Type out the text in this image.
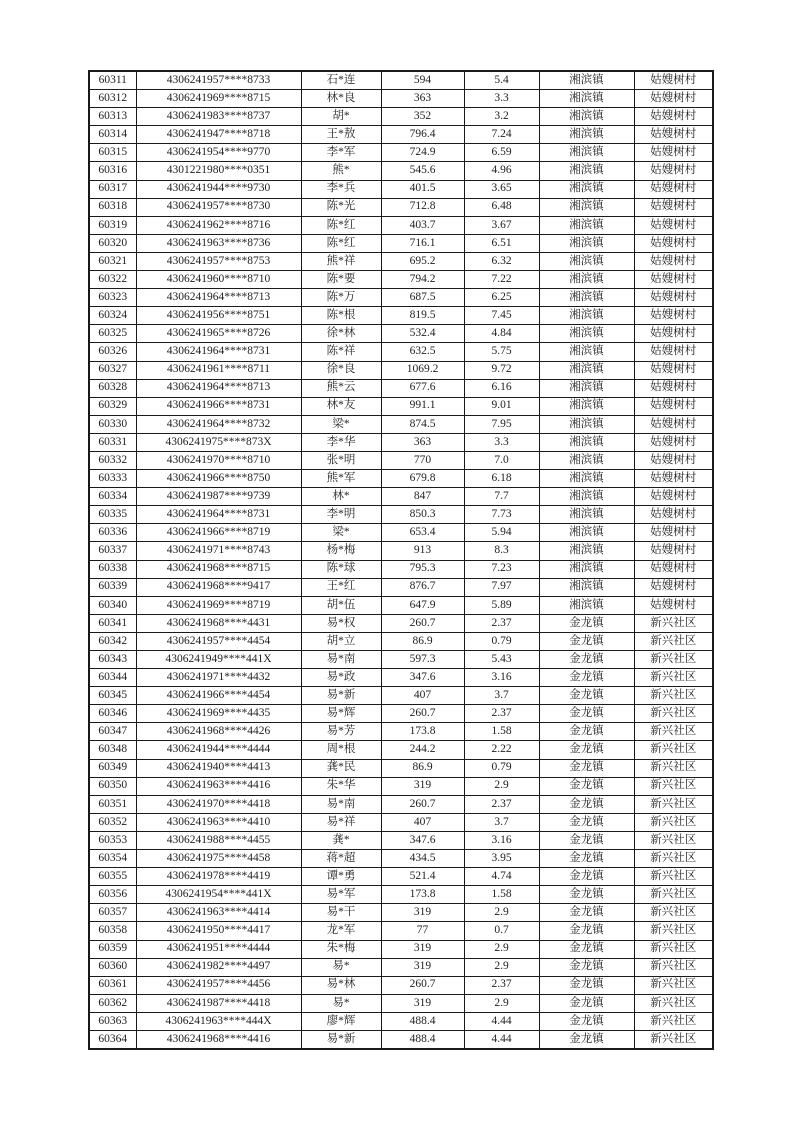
60311	4306241957****8733	石*连	594	5.4	湘滨镇	姑嫂树村
60312	4306241969****8715	林*良	363	3.3	湘滨镇	姑嫂树村
60313	4306241983****8737	胡*	352	3.2	湘滨镇	姑嫂树村
60314	4306241947****8718	王*敖	796.4	7.24	湘滨镇	姑嫂树村
60315	4306241954****9770	李*军	724.9	6.59	湘滨镇	姑嫂树村
60316	4301221980****0351	熊*	545.6	4.96	湘滨镇	姑嫂树村
60317	4306241944****9730	李*兵	401.5	3.65	湘滨镇	姑嫂树村
60318	4306241957****8730	陈*光	712.8	6.48	湘滨镇	姑嫂树村
60319	4306241962****8716	陈*红	403.7	3.67	湘滨镇	姑嫂树村
60320	4306241963****8736	陈*红	716.1	6.51	湘滨镇	姑嫂树村
60321	4306241957****8753	熊*祥	695.2	6.32	湘滨镇	姑嫂树村
60322	4306241960****8710	陈*要	794.2	7.22	湘滨镇	姑嫂树村
60323	4306241964****8713	陈*万	687.5	6.25	湘滨镇	姑嫂树村
60324	4306241956****8751	陈*根	819.5	7.45	湘滨镇	姑嫂树村
60325	4306241965****8726	徐*林	532.4	4.84	湘滨镇	姑嫂树村
60326	4306241964****8731	陈*祥	632.5	5.75	湘滨镇	姑嫂树村
60327	4306241961****8711	徐*良	1069.2	9.72	湘滨镇	姑嫂树村
60328	4306241964****8713	熊*云	677.6	6.16	湘滨镇	姑嫂树村
60329	4306241966****8731	林*友	991.1	9.01	湘滨镇	姑嫂树村
60330	4306241964****8732	梁*	874.5	7.95	湘滨镇	姑嫂树村
60331	4306241975****873X	李*华	363	3.3	湘滨镇	姑嫂树村
60332	4306241970****8710	张*明	770	7.0	湘滨镇	姑嫂树村
60333	4306241966****8750	熊*军	679.8	6.18	湘滨镇	姑嫂树村
60334	4306241987****9739	林*	847	7.7	湘滨镇	姑嫂树村
60335	4306241964****8731	李*明	850.3	7.73	湘滨镇	姑嫂树村
60336	4306241966****8719	梁*	653.4	5.94	湘滨镇	姑嫂树村
60337	4306241971****8743	杨*梅	913	8.3	湘滨镇	姑嫂树村
60338	4306241968****8715	陈*球	795.3	7.23	湘滨镇	姑嫂树村
60339	4306241968****9417	王*红	876.7	7.97	湘滨镇	姑嫂树村
60340	4306241969****8719	胡*伍	647.9	5.89	湘滨镇	姑嫂树村
60341	4306241968****4431	易*权	260.7	2.37	金龙镇	新兴社区
60342	4306241957****4454	胡*立	86.9	0.79	金龙镇	新兴社区
60343	4306241949****441X	易*南	597.3	5.43	金龙镇	新兴社区
60344	4306241971****4432	易*政	347.6	3.16	金龙镇	新兴社区
60345	4306241966****4454	易*新	407	3.7	金龙镇	新兴社区
60346	4306241969****4435	易*辉	260.7	2.37	金龙镇	新兴社区
60347	4306241968****4426	易*芳	173.8	1.58	金龙镇	新兴社区
60348	4306241944****4444	周*根	244.2	2.22	金龙镇	新兴社区
60349	4306241940****4413	龚*民	86.9	0.79	金龙镇	新兴社区
60350	4306241963****4416	朱*华	319	2.9	金龙镇	新兴社区
60351	4306241970****4418	易*南	260.7	2.37	金龙镇	新兴社区
60352	4306241963****4410	易*祥	407	3.7	金龙镇	新兴社区
60353	4306241988****4455	龚*	347.6	3.16	金龙镇	新兴社区
60354	4306241975****4458	蒋*超	434.5	3.95	金龙镇	新兴社区
60355	4306241978****4419	谭*勇	521.4	4.74	金龙镇	新兴社区
60356	4306241954****441X	易*军	173.8	1.58	金龙镇	新兴社区
60357	4306241963****4414	易*干	319	2.9	金龙镇	新兴社区
60358	4306241950****4417	龙*军	77	0.7	金龙镇	新兴社区
60359	4306241951****4444	朱*梅	319	2.9	金龙镇	新兴社区
60360	4306241982****4497	易*	319	2.9	金龙镇	新兴社区
60361	4306241957****4456	易*林	260.7	2.37	金龙镇	新兴社区
60362	4306241987****4418	易*	319	2.9	金龙镇	新兴社区
60363	4306241963****444X	廖*辉	488.4	4.44	金龙镇	新兴社区
60364	4306241968****4416	易*新	488.4	4.44	金龙镇	新兴社区
